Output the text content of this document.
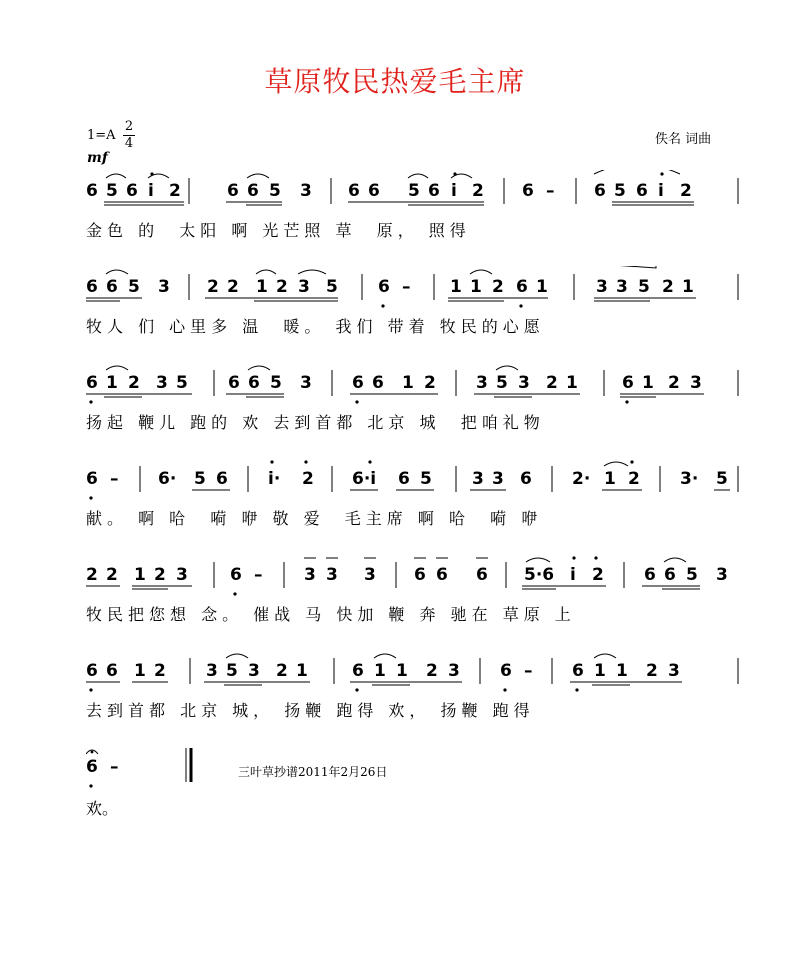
草原牧民热爱毛主席
1=A
2
4
mf
佚名 词曲
6 5 6 i 2	6 6 5 3 6 6 5 6 i 2 6 – 6 5 6 i 2
金色 的  太阳 啊 光芒照 草  原， 照得
6 6 5 3 2 2 1 2 3 5 6 – 1 1 2 6 1	3 3 5 2 1
牧人 们 心里多 温  暖。 我们 带着 牧民的心愿
6 1 2 3 5 6 6 5 3 6 6 1 2 3 5 3 2 1	6 1 2 3
扬起 鞭儿 跑的 欢 去到首都 北京 城  把咱礼物
6 – 6· 5 6 i· 2 6·i 6 5 3 3 6 2· 1 2 3· 5
献。 啊 哈  嗬 咿 敬 爱  毛主席 啊 哈  嗬 咿
2 2 1 2 3 6 – 3 3 3 6 6 6 5·6 i 2 6 6 5 3
牧民把您想 念。 催战 马 快加 鞭 奔 驰在 草原 上
6 6 1 2 3 5 3 2 1	6 1 1 2 3 6 – 6 1 1 2 3
去到首都 北京 城， 扬鞭 跑得 欢， 扬鞭 跑得
6 –	三叶草抄谱2011年2月26日
欢。
